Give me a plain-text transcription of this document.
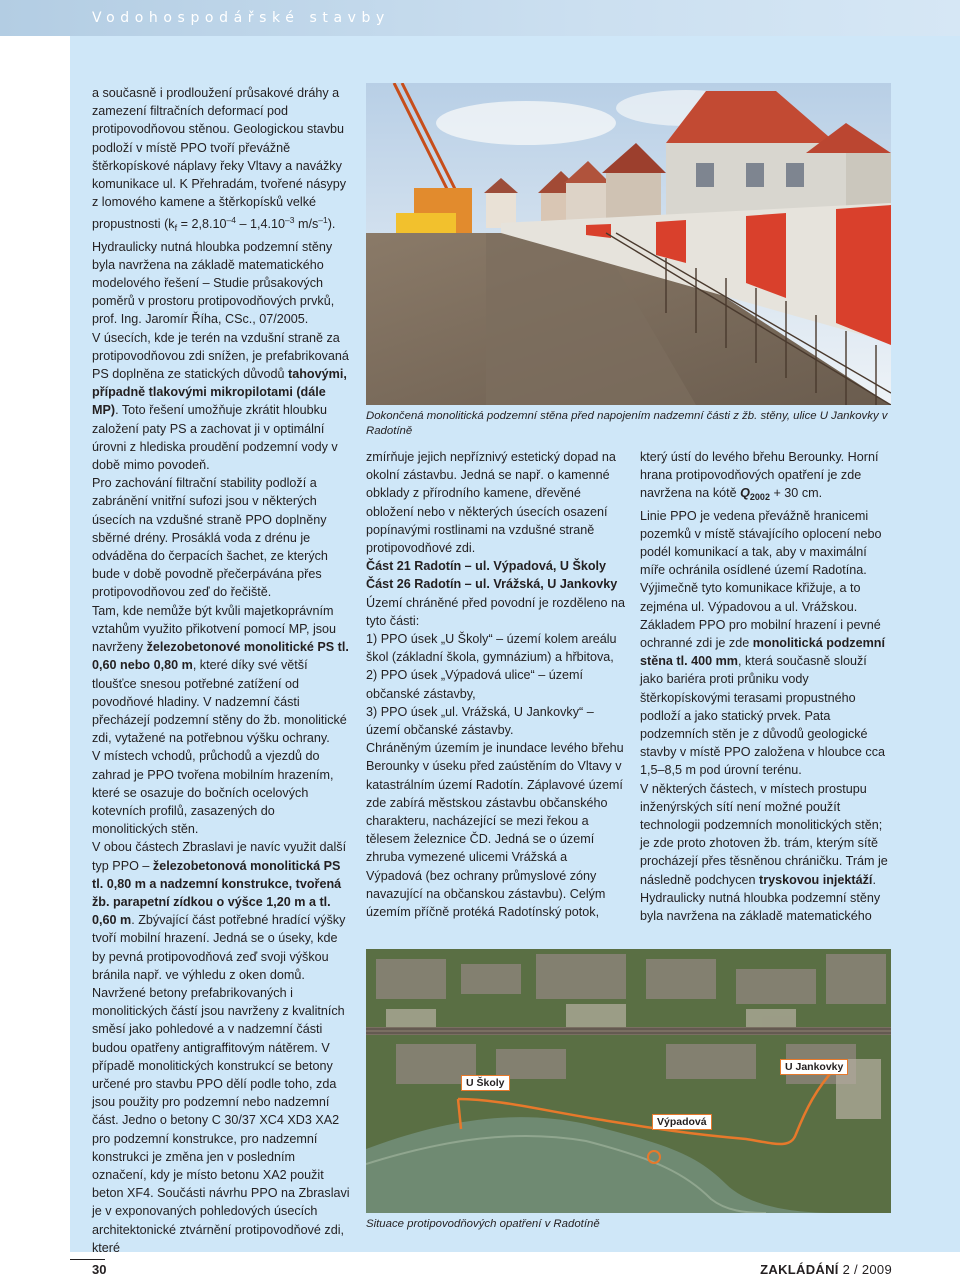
Vodohospodářské stavby

a současně i prodloužení průsakové dráhy a zamezení filtračních deformací pod protipovodňovou stěnou. Geologickou stavbu podloží v místě PPO tvoří převážně štěrkopískové náplavy řeky Vltavy a navážky komunikace ul. K Přehradám, tvořené násypy z lomového kamene a štěrkopísků velké propustnosti ($k_f = 2,8.10^{-4} - 1,4.10^{-3}$ $m/s^{-1}$). Hydraulicky nutná hloubka podzemní stěny byla navržena na základě matematického modelového řešení – Studie průsakových poměrů v prostoru protipovodňových prvků, prof. Ing. Jaromír Říha, CSc., 07/2005.

V úsecích, kde je terén na vzdušní straně za protipovodňovou zdi snížen, je prefabrikovaná PS doplněna ze statických důvodů tahovými, případně tlakovými mikropilotami (dále MP). Toto řešení umožňuje zkrátit hloubku založení paty PS a zachovat ji v optimální úrovni z hlediska proudění podzemní vody v době mimo povodeň.

Pro zachování filtrační stability podloží a zabránění vnitřní sufozi jsou v některých úsecích na vzdušné straně PPO doplněny sběrné drény. Prosáklá voda z drénu je odváděna do čerpacích šachet, ze kterých bude v době povodně přečerpávána přes protipovodňovou zeď do řečiště.

Tam, kde nemůže být kvůli majetkoprávním vztahům využito přikotvení pomocí MP, jsou navrženy železobetonové monolitické PS tl. 0,60 nebo 0,80 m, které díky své větší tloušťce snesou potřebné zatížení od povodňové hladiny. V nadzemní části přecházejí podzemní stěny do žb. monolitické zdi, vytažené na potřebnou výšku ochrany.

V místech vchodů, průchodů a vjezdů do zahrad je PPO tvořena mobilním hrazením, které se osazuje do bočních ocelových kotevních profilů, zasazených do monolitických stěn.

V obou částech Zbraslavi je navíc využit další typ PPO – železobetonová monolitická PS tl. 0,80 m a nadzemní konstrukce, tvořená žb. parapetní zídkou o výšce 1,20 m a tl. 0,60 m. Zbývající část potřebné hradící výšky tvoří mobilní hrazení. Jedná se o úseky, kde by pevná protipovodňová zeď svoji výškou bránila např. ve výhledu z oken domů.

Navržené betony prefabrikovaných i monolitických částí jsou navrženy z kvalitních směsí jako pohledové a v nadzemní části budou opatřeny antigraffitovým nátěrem. V případě monolitických konstrukcí se betony určené pro stavbu PPO dělí podle toho, zda jsou použity pro podzemní nebo nadzemní část. Jedno o betony C 30/37 XC4 XD3 XA2 pro podzemní konstrukce, pro nadzemní konstrukci je změna jen v posledním označení, kdy je místo betonu XA2 použit beton XF4. Součásti návrhu PPO na Zbraslavi je v exponovaných pohledových úsecích architektonické ztvárnění protipovodňové zdi, které

Dokončená monolitická podzemní stěna před napojením nadzemní části z žb. stěny, ulice U Jankovky v Radotíně

zmírňuje jejich nepříznivý estetický dopad na okolní zástavbu. Jedná se např. o kamenné obklady z přírodního kamene, dřevěné obložení nebo v některých úsecích osazení popínavými rostlinami na vzdušné straně protipovodňové zdi.

Část 21 Radotín – ul. Výpadová, U Školy

Část 26 Radotín – ul. Vrážská, U Jankovky

Území chráněné před povodní je rozděleno na tyto části:

1) PPO úsek „U Školy“ – území kolem areálu škol (základní škola, gymnázium) a hřbitova,

2) PPO úsek „Výpadová ulice“ – území občanské zástavby,

3) PPO úsek „ul. Vrážská, U Jankovky“ – území občanské zástavby.

Chráněným územím je inundace levého břehu Berounky v úseku před zaústěním do Vltavy v katastrálním území Radotín. Záplavové území zde zabírá městskou zástavbu občanského charakteru, nacházející se mezi řekou a tělesem železnice ČD. Jedná se o území zhruba vymezené ulicemi Vrážská a Výpadová (bez ochrany průmyslové zóny navazující na občanskou zástavbu). Celým územím příčně protéká Radotínský potok,

který ústí do levého břehu Berounky. Horní hrana protipovodňových opatření je zde navržena na kótě $Q_{2002} + 30$ cm.

Linie PPO je vedena převážně hranicemi pozemků v místě stávajícího oplocení nebo podél komunikací a tak, aby v maximální míře ochránila osídlené území Radotína. Výjimečně tyto komunikace křižuje, a to zejména ul. Výpadovou a ul. Vrážskou. Základem PPO pro mobilní hrazení i pevné ochranné zdi je zde monolitická podzemní stěna tl. 400 mm, která současně slouží jako bariéra proti průniku vody štěrkopískovými terasami propustného podloží a jako statický prvek. Pata podzemních stěn je z důvodů geologické stavby v místě PPO založena v hloubce cca 1,5–8,5 m pod úrovní terénu.

V některých částech, v místech prostupu inženýrských sítí není možné použít technologii podzemních monolitických stěn; je zde proto zhotoven žb. trám, kterým sítě procházejí přes těsněnou chráničku. Trám je následně podchycen tryskovou injektáží.

Hydraulicky nutná hloubka podzemní stěny byla navržena na základě matematického

U Školy
U Jankovky
Výpadová
Situace protipovodňových opatření v Radotíně
30	ZAKLÁDÁNÍ 2 / 2009
